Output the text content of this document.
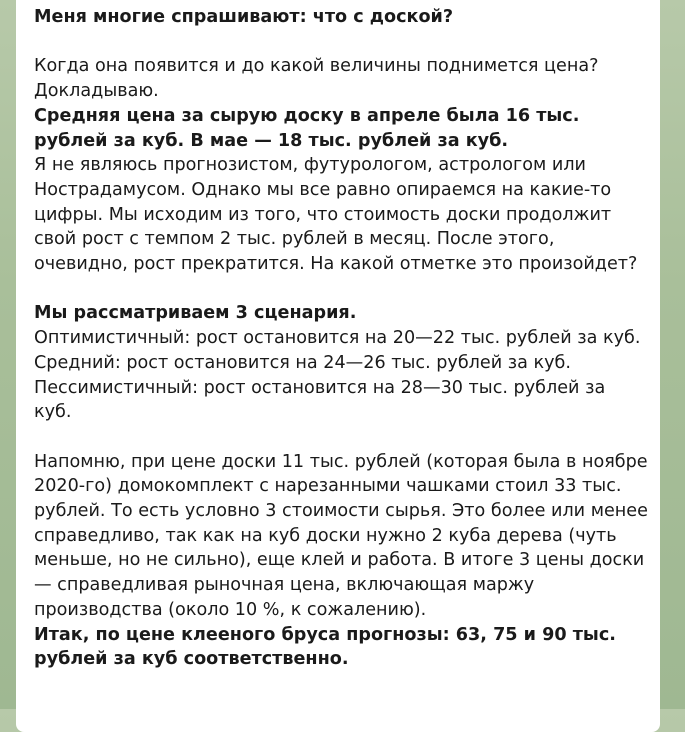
Меня многие спрашивают: что с доской?

Когда она появится и до какой величины поднимется цена? Докладываю.

Средняя цена за сырую доску в апреле была 16 тыс. рублей за куб. В мае — 18 тыс. рублей за куб.

Я не являюсь прогнозистом, футурологом, астрологом или Нострадамусом. Однако мы все равно опираемся на какие-то цифры. Мы исходим из того, что стоимость доски продолжит свой рост с темпом 2 тыс. рублей в месяц. После этого, очевидно, рост прекратится. На какой отметке это произойдет?

Мы рассматриваем 3 сценария.

Оптимистичный: рост остановится на 20—22 тыс. рублей за куб.

Средний: рост остановится на 24—26 тыс. рублей за куб.

Пессимистичный: рост остановится на 28—30 тыс. рублей за куб.

Напомню, при цене доски 11 тыс. рублей (которая была в ноябре 2020-го) домокомплект с нарезанными чашками стоил 33 тыс. рублей. То есть условно 3 стоимости сырья. Это более или менее справедливо, так как на куб доски нужно 2 куба дерева (чуть меньше, но не сильно), еще клей и работа. В итоге 3 цены доски — справедливая рыночная цена, включающая маржу производства (около 10 %, к сожалению).

Итак, по цене клееного бруса прогнозы: 63, 75 и 90 тыс. рублей за куб соответственно.
